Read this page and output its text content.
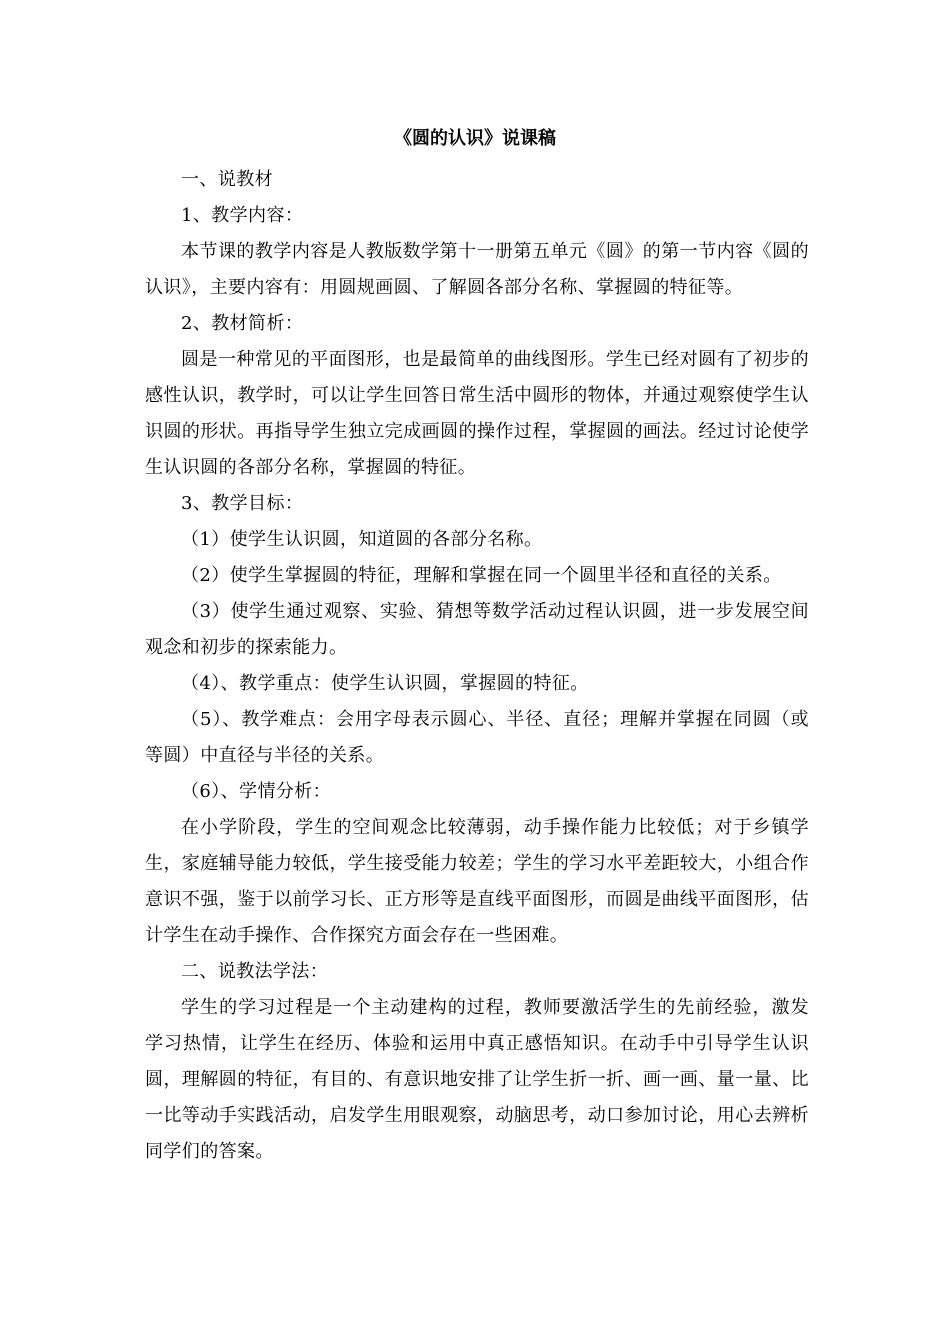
《圆的认识》说课稿

一、说教材

1、教学内容：

本节课的教学内容是人教版数学第十一册第五单元《圆》的第一节内容《圆的认识》，主要内容有：用圆规画圆、了解圆各部分名称、掌握圆的特征等。

2、教材简析：

圆是一种常见的平面图形，也是最简单的曲线图形。学生已经对圆有了初步的感性认识，教学时，可以让学生回答日常生活中圆形的物体，并通过观察使学生认识圆的形状。再指导学生独立完成画圆的操作过程，掌握圆的画法。经过讨论使学生认识圆的各部分名称，掌握圆的特征。

3、教学目标：

（1）使学生认识圆，知道圆的各部分名称。

（2）使学生掌握圆的特征，理解和掌握在同一个圆里半径和直径的关系。

（3）使学生通过观察、实验、猜想等数学活动过程认识圆，进一步发展空间观念和初步的探索能力。

（4）、教学重点：使学生认识圆，掌握圆的特征。

（5）、教学难点：会用字母表示圆心、半径、直径；理解并掌握在同圆（或等圆）中直径与半径的关系。

（6）、学情分析：

在小学阶段，学生的空间观念比较薄弱，动手操作能力比较低；对于乡镇学生，家庭辅导能力较低，学生接受能力较差；学生的学习水平差距较大，小组合作意识不强，鉴于以前学习长、正方形等是直线平面图形，而圆是曲线平面图形，估计学生在动手操作、合作探究方面会存在一些困难。

二、说教法学法：

学生的学习过程是一个主动建构的过程，教师要激活学生的先前经验，激发 学习热情，让学生在经历、体验和运用中真正感悟知识。在动手中引导学生认识圆，理解圆的特征，有目的、有意识地安排了让学生折一折、画一画、量一量、比一比等动手实践活动，启发学生用眼观察，动脑思考，动口参加讨论，用心去辨析同学们的答案。
